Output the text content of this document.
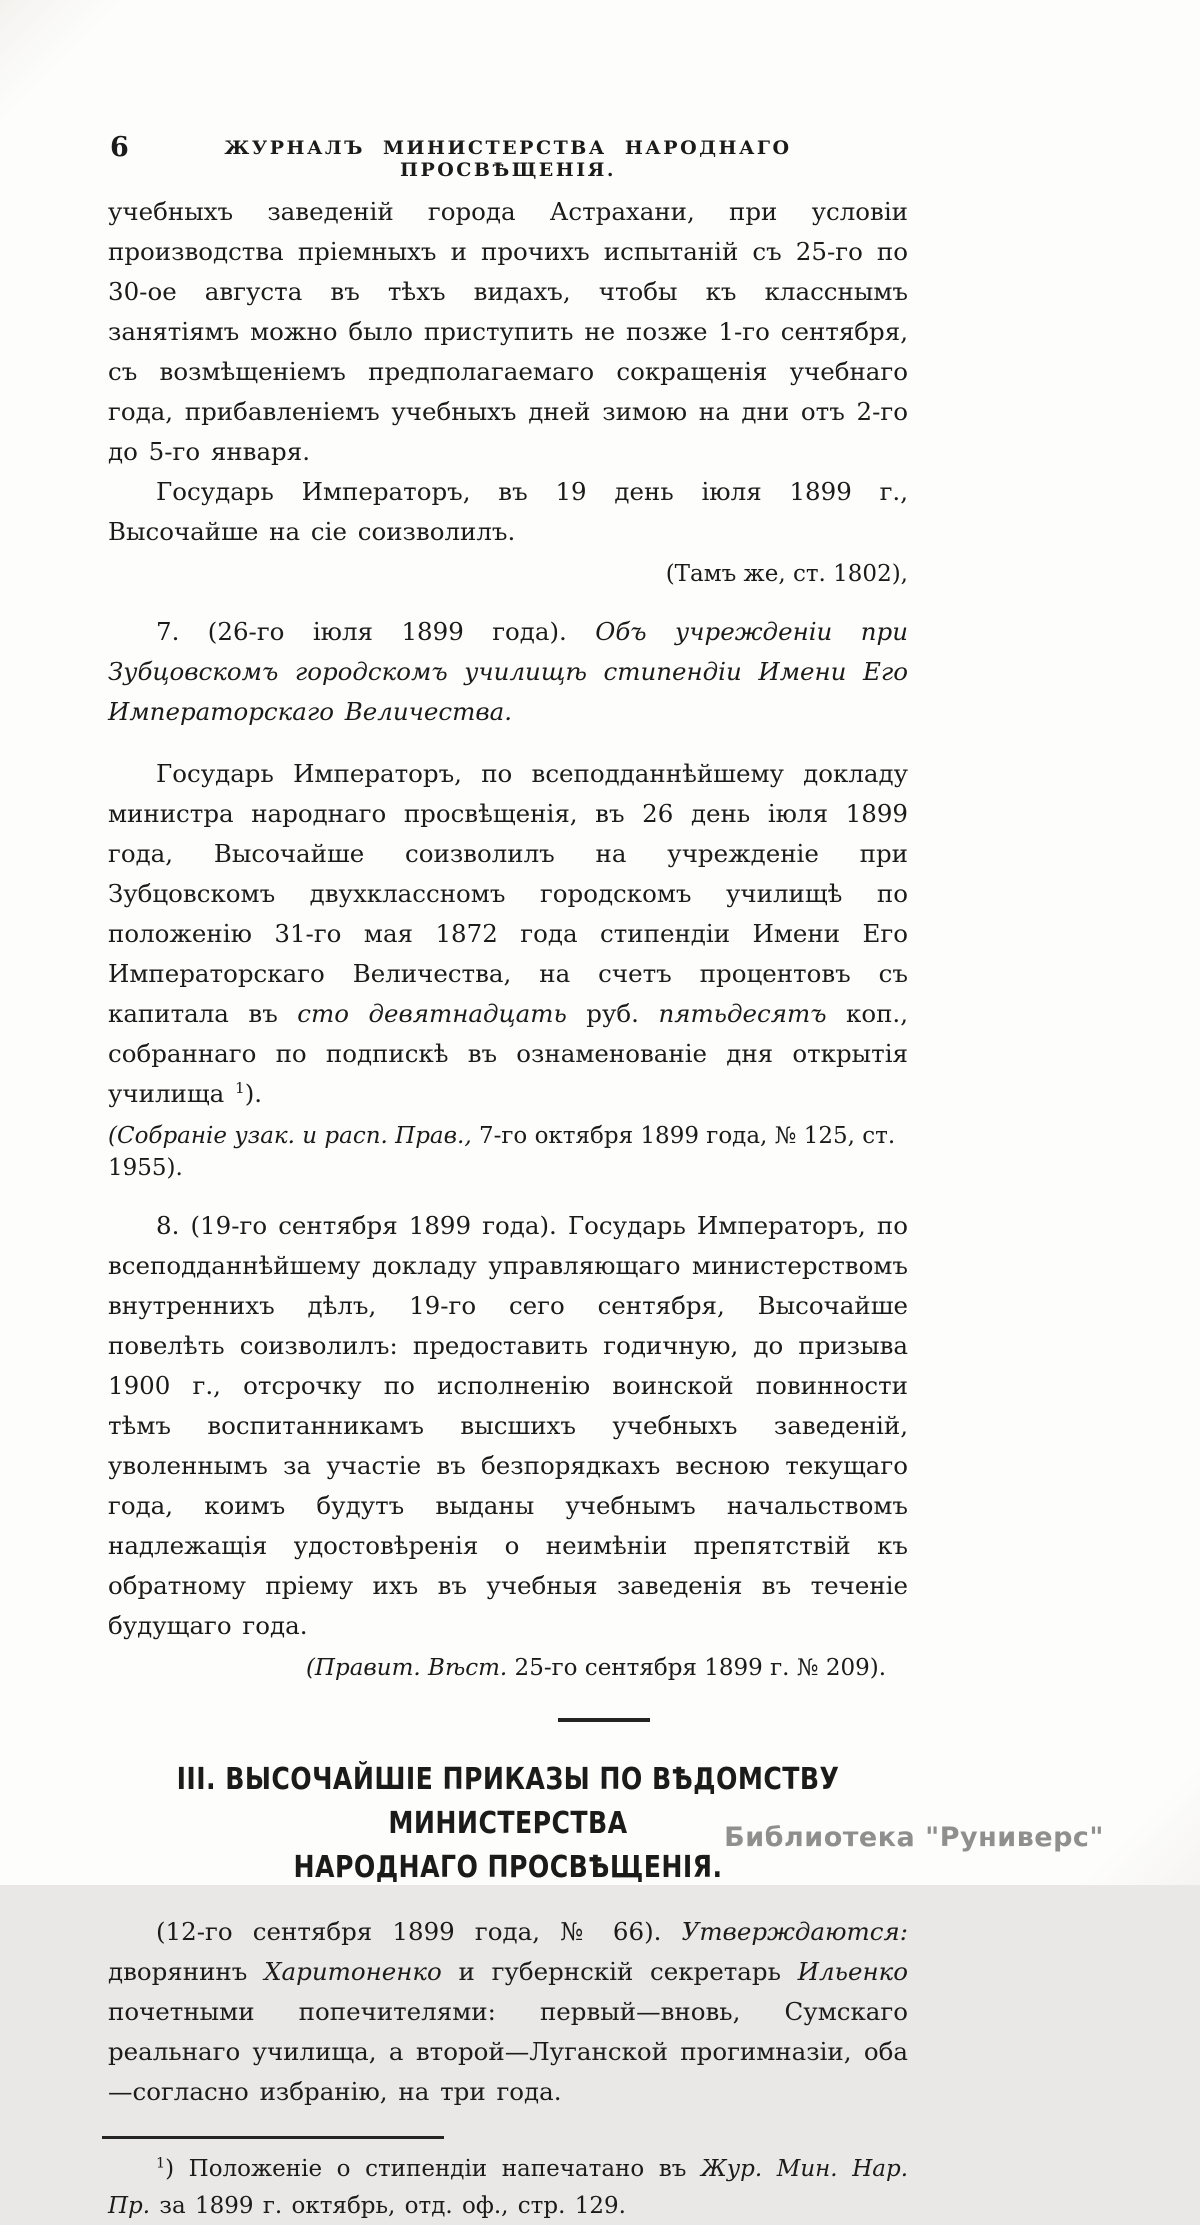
6	ЖУРНАЛЪ МИНИСТЕРСТВА НАРОДНАГО ПРОСВѢЩЕНІЯ.

учебныхъ заведеній города Астрахани, при условіи производства пріемныхъ и прочихъ испытаній съ 25-го по 30-ое августа въ тѣхъ видахъ, чтобы къ класснымъ занятіямъ можно было приступить не позже 1-го сентября, съ возмѣщеніемъ предполагаемаго сокращенія учебнаго года, прибавленіемъ учебныхъ дней зимою на дни отъ 2-го до 5-го января.

Государь Императоръ, въ 19 день іюля 1899 г., Высочайше на сіе соизволилъ.

(Тамъ же, ст. 1802),

7. (26-го іюля 1899 года). Объ учрежденіи при Зубцовскомъ городскомъ училищѣ стипендіи Имени Его Императорскаго Величества.

Государь Императоръ, по всеподданнѣйшему докладу министра народнаго просвѣщенія, въ 26 день іюля 1899 года, Высочайше соизволилъ на учрежденіе при Зубцовскомъ двухклассномъ городскомъ училищѣ по положенію 31-го мая 1872 года стипендіи Имени Его Императорскаго Величества, на счетъ процентовъ съ капитала въ сто девятнадцать руб. пятьдесятъ коп., собраннаго по подпискѣ въ ознаменованіе дня открытія училища $^1$).

(Собраніе узак. и расп. Прав., 7-го октября 1899 года, № 125, ст. 1955).

8. (19-го сентября 1899 года). Государь Императоръ, по всеподданнѣйшему докладу управляющаго министерствомъ внутреннихъ дѣлъ, 19-го сего сентября, Высочайше повелѣть соизволилъ: предоставить годичную, до призыва 1900 г., отсрочку по исполненію воинской повинности тѣмъ воспитанникамъ высшихъ учебныхъ заведеній, уволеннымъ за участіе въ безпорядкахъ весною текущаго года, коимъ будутъ выданы учебнымъ начальствомъ надлежащія удостовѣренія о неимѣніи препятствій къ обратному пріему ихъ въ учебныя заведенія въ теченіе будущаго года.

(Правит. Вѣст. 25-го сентября 1899 г. № 209).

III. ВЫСОЧАЙШІЕ ПРИКАЗЫ ПО ВѢДОМСТВУ МИНИСТЕРСТВА
НАРОДНАГО ПРОСВѢЩЕНІЯ.

(12-го сентября 1899 года, № 66). Утверждаются: дворянинъ Харитоненко и губернскій секретарь Ильенко почетными попечителями: первый—вновь, Сумскаго реальнаго училища, а второй—Луганской прогимназіи, оба—согласно избранію, на три года.

$^1$) Положеніе о стипендіи напечатано въ Жур. Мин. Нар. Пр. за 1899 г. октябрь, отд. оф., стр. 129.

Библиотека "Руниверс"
